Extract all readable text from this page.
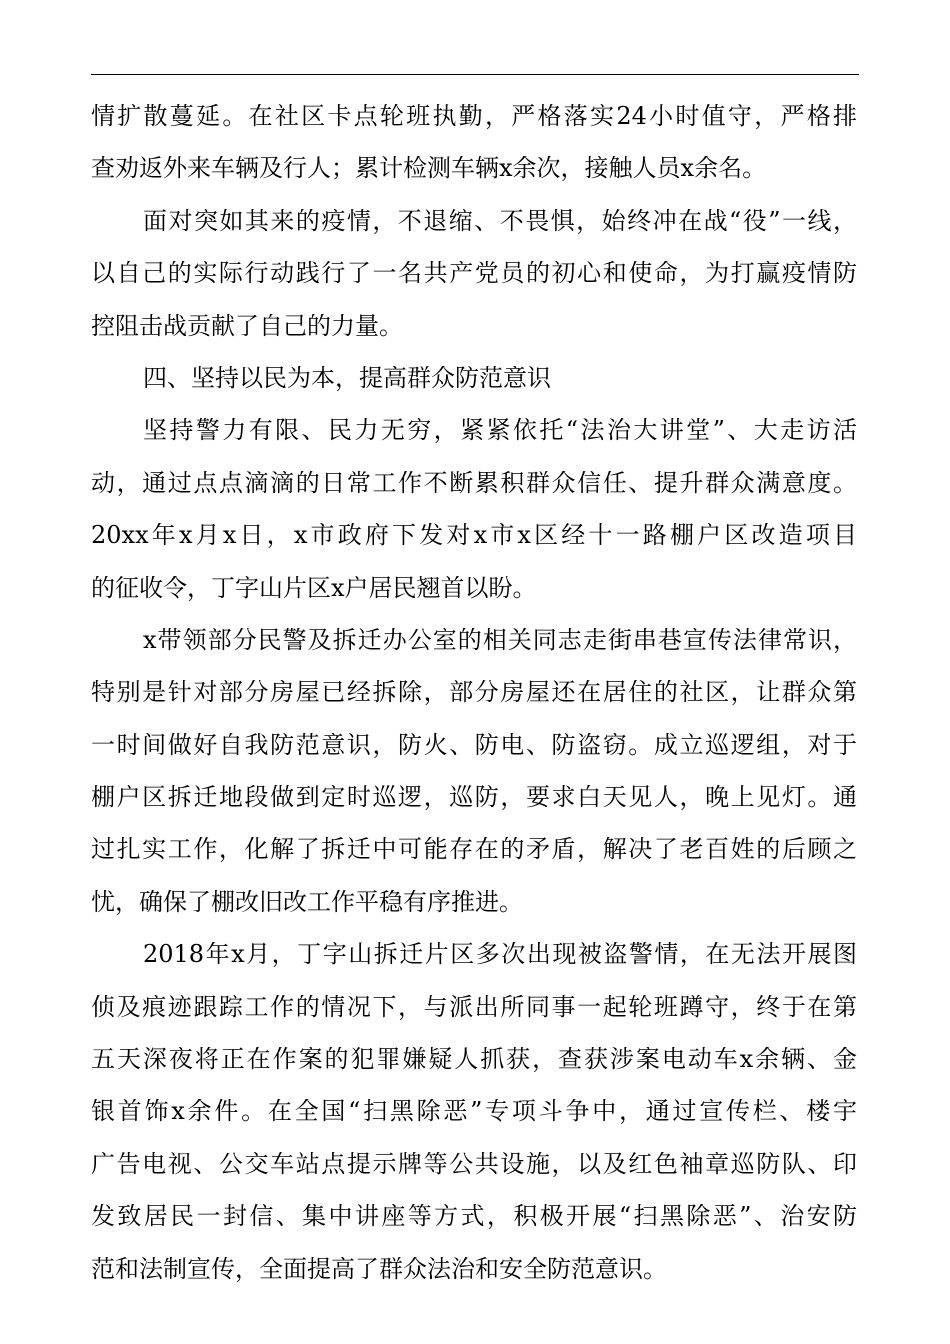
情扩散蔓延。在社区卡点轮班执勤，严格落实24小时值守，严格排
查劝返外来车辆及行人；累计检测车辆x余次，接触人员x余名。
面对突如其来的疫情，不退缩、不畏惧，始终冲在战“役”一线，
以自己的实际行动践行了一名共产党员的初心和使命，为打赢疫情防
控阻击战贡献了自己的力量。
四、坚持以民为本，提高群众防范意识
坚持警力有限、民力无穷，紧紧依托“法治大讲堂”、大走访活
动，通过点点滴滴的日常工作不断累积群众信任、提升群众满意度。
20xx年x月x日，x市政府下发对x市x区经十一路棚户区改造项目
的征收令，丁字山片区x户居民翘首以盼。
x带领部分民警及拆迁办公室的相关同志走街串巷宣传法律常识，
特别是针对部分房屋已经拆除，部分房屋还在居住的社区，让群众第
一时间做好自我防范意识，防火、防电、防盗窃。成立巡逻组，对于
棚户区拆迁地段做到定时巡逻，巡防，要求白天见人，晚上见灯。通
过扎实工作，化解了拆迁中可能存在的矛盾，解决了老百姓的后顾之
忧，确保了棚改旧改工作平稳有序推进。
2018年x月，丁字山拆迁片区多次出现被盗警情，在无法开展图
侦及痕迹跟踪工作的情况下，与派出所同事一起轮班蹲守，终于在第
五天深夜将正在作案的犯罪嫌疑人抓获，查获涉案电动车x余辆、金
银首饰x余件。在全国“扫黑除恶”专项斗争中，通过宣传栏、楼宇
广告电视、公交车站点提示牌等公共设施，以及红色袖章巡防队、印
发致居民一封信、集中讲座等方式，积极开展“扫黑除恶”、治安防
范和法制宣传，全面提高了群众法治和安全防范意识。
